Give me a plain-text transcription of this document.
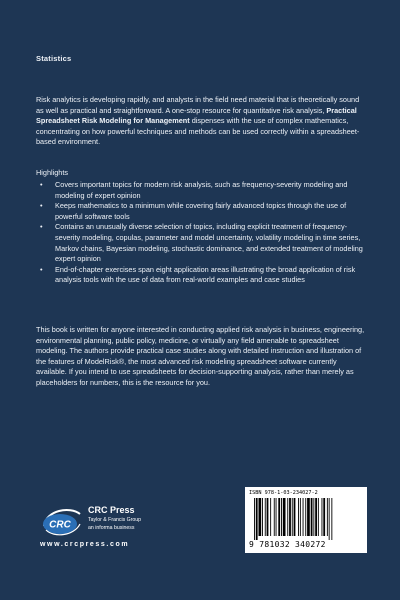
Statistics

Risk analytics is developing rapidly, and analysts in the field need material that is theoretically sound as well as practical and straightforward. A one-stop resource for quantitative risk analysis, Practical Spreadsheet Risk Modeling for Management dispenses with the use of complex mathematics, concentrating on how powerful techniques and methods can be used correctly within a spreadsheet-based environment.

Highlights
• Covers important topics for modern risk analysis, such as frequency-severity modeling and modeling of expert opinion
• Keeps mathematics to a minimum while covering fairly advanced topics through the use of powerful software tools
• Contains an unusually diverse selection of topics, including explicit treatment of frequency-severity modeling, copulas, parameter and model uncertainty, volatility modeling in time series, Markov chains, Bayesian modeling, stochastic dominance, and extended treatment of modeling expert opinion
• End-of-chapter exercises span eight application areas illustrating the broad application of risk analysis tools with the use of data from real-world examples and case studies

This book is written for anyone interested in conducting applied risk analysis in business, engineering, environmental planning, public policy, medicine, or virtually any field amenable to spreadsheet modeling. The authors provide practical case studies along with detailed instruction and illustration of the features of ModelRisk®, the most advanced risk modeling spreadsheet software currently available. If you intend to use spreadsheets for decision-supporting analysis, rather than merely as placeholders for numbers, this is the resource for you.

CRC
CRC Press
Taylor & Francis Group
an informa business
www.crcpress.com
ISBN 978-1-03-234027-2
9 781032 340272
